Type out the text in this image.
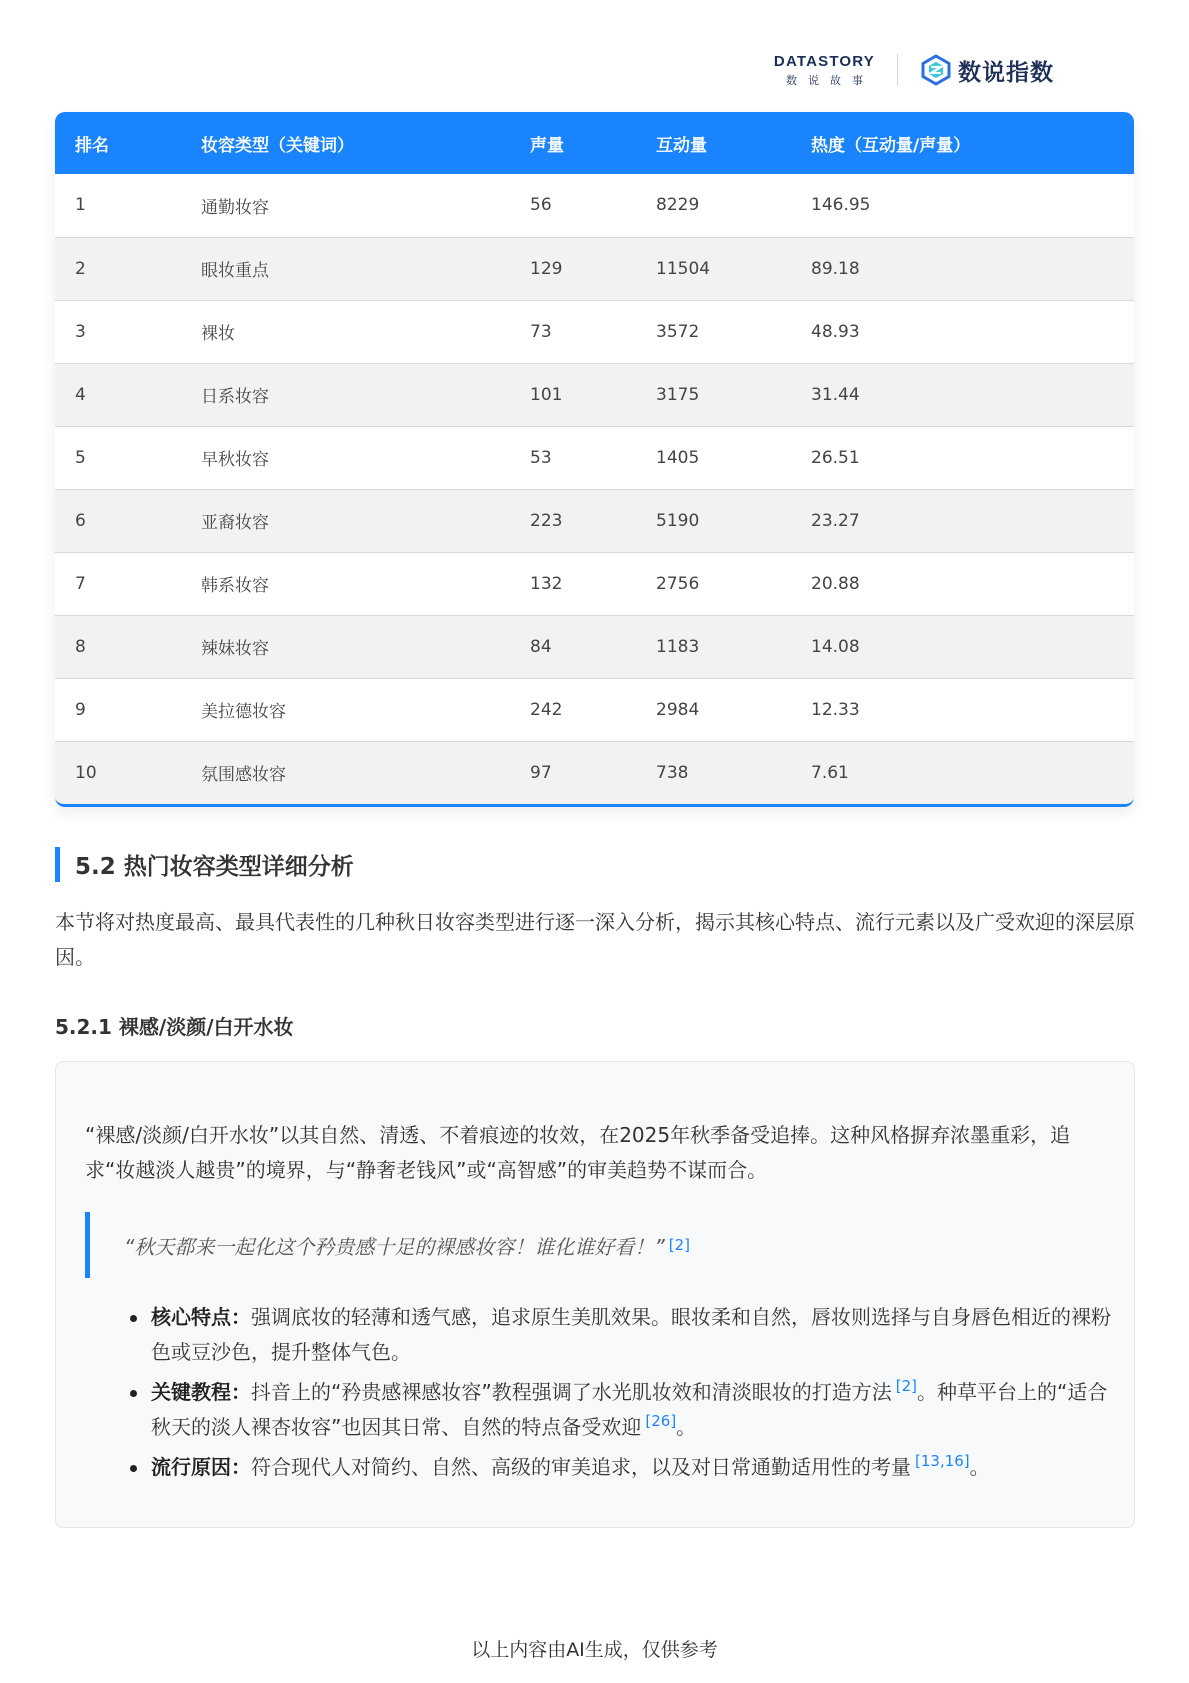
DATASTORY
数说故事	数说指数
排名	妆容类型（关键词）	声量	互动量	热度（互动量/声量）
1	通勤妆容	56	8229	146.95
2	眼妆重点	129	11504	89.18
3	裸妆	73	3572	48.93
4	日系妆容	101	3175	31.44
5	早秋妆容	53	1405	26.51
6	亚裔妆容	223	5190	23.27
7	韩系妆容	132	2756	20.88
8	辣妹妆容	84	1183	14.08
9	美拉德妆容	242	2984	12.33
10	氛围感妆容	97	738	7.61
5.2 热门妆容类型详细分析

本节将对热度最高、最具代表性的几种秋日妆容类型进行逐一深入分析，揭示其核心特点、流行元素以及广受欢迎的深层原因。

5.2.1 裸感/淡颜/白开水妆

“裸感/淡颜/白开水妆”以其自然、清透、不着痕迹的妆效，在2025年秋季备受追捧。这种风格摒弃浓墨重彩，追求“妆越淡人越贵”的境界，与“静奢老钱风”或“高智感”的审美趋势不谋而合。

“秋天都来一起化这个矜贵感十足的裸感妆容！谁化谁好看！” [2]
核心特点：强调底妆的轻薄和透气感，追求原生美肌效果。眼妆柔和自然，唇妆则选择与自身唇色相近的裸粉色或豆沙色，提升整体气色。
关键教程：抖音上的“矜贵感裸感妆容”教程强调了水光肌妆效和清淡眼妆的打造方法 [2]。种草平台上的“适合秋天的淡人裸杏妆容”也因其日常、自然的特点备受欢迎 [26]。
流行原因：符合现代人对简约、自然、高级的审美追求，以及对日常通勤适用性的考量 [13,16]。
以上内容由AI生成，仅供参考
